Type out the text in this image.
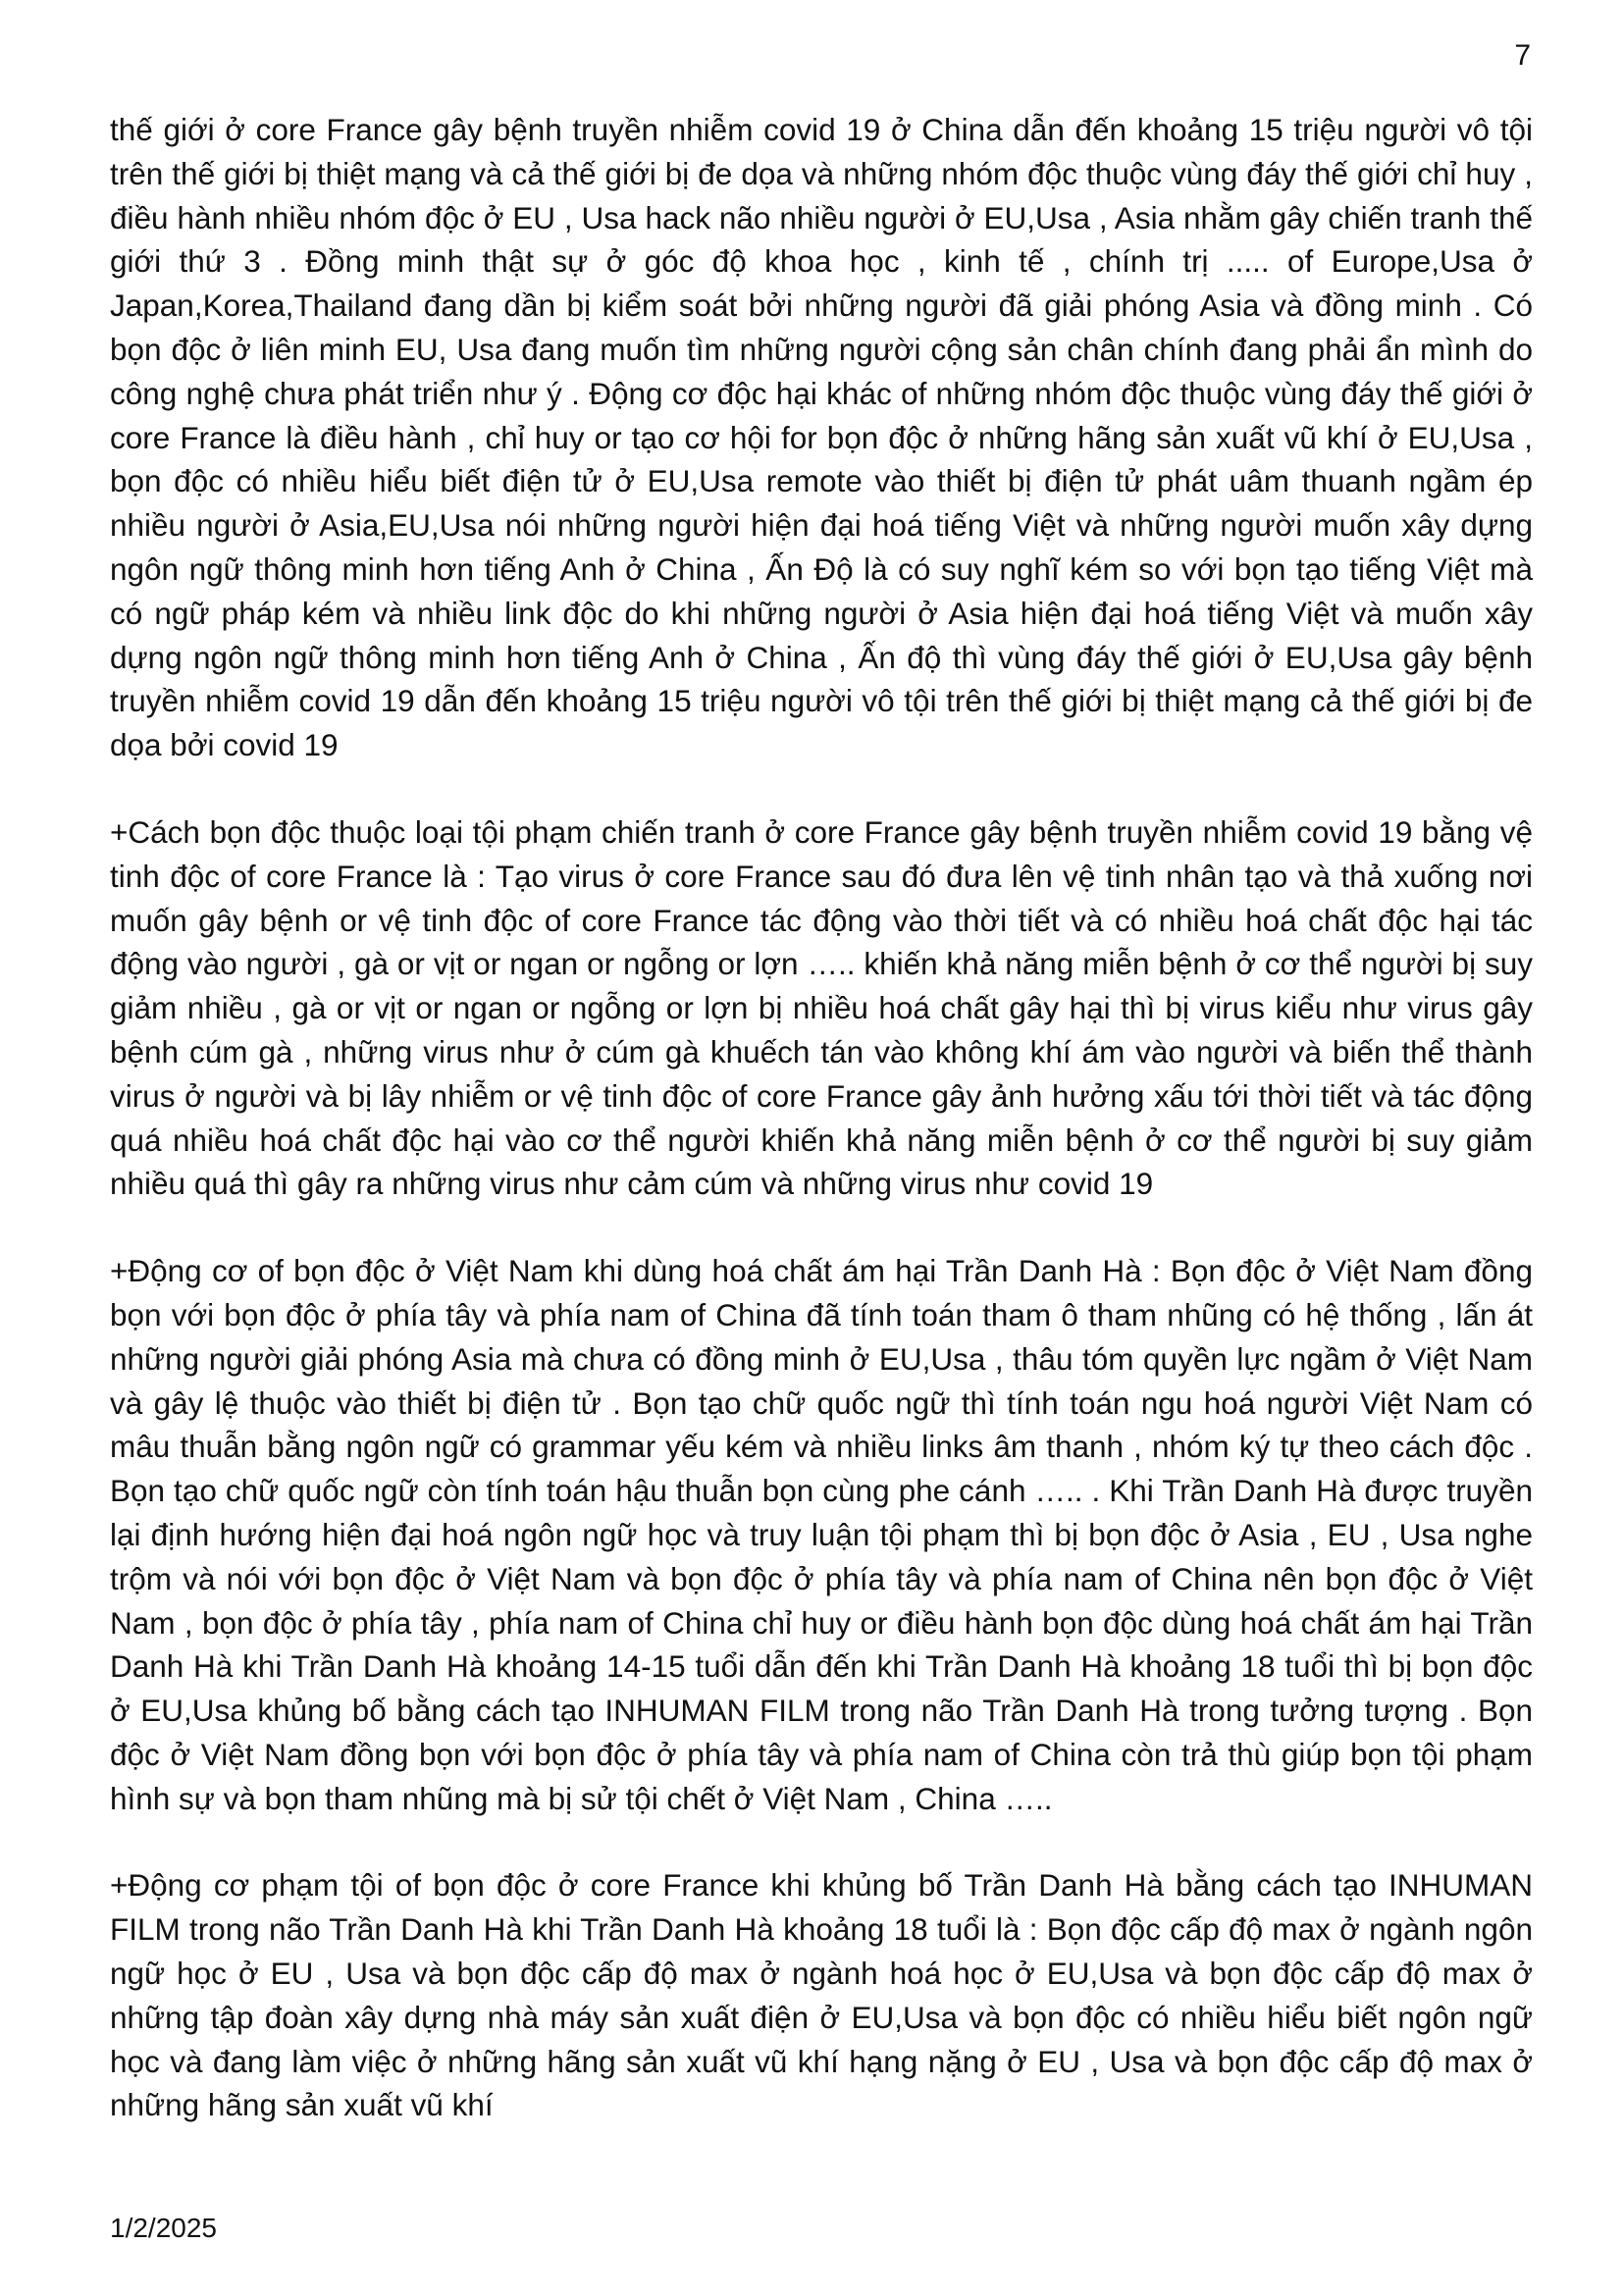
7

thế giới ở core France gây bệnh truyền nhiễm covid 19 ở China dẫn đến khoảng 15 triệu người vô tội trên thế giới bị thiệt mạng và cả thế giới bị đe dọa và những nhóm độc thuộc vùng đáy thế giới chỉ huy , điều hành nhiều nhóm độc ở EU , Usa hack não nhiều người ở EU,Usa , Asia nhằm gây chiến tranh thế giới thứ 3 . Đồng minh thật sự ở góc độ khoa học , kinh tế , chính trị ..... of Europe,Usa ở Japan,Korea,Thailand đang dần bị kiểm soát bởi những người đã giải phóng Asia và đồng minh . Có bọn độc ở liên minh EU, Usa đang muốn tìm những người cộng sản chân chính đang phải ẩn mình do công nghệ chưa phát triển như ý . Động cơ độc hại khác of những nhóm độc thuộc vùng đáy thế giới ở core France là điều hành , chỉ huy or tạo cơ hội for bọn độc ở những hãng sản xuất vũ khí ở EU,Usa , bọn độc có nhiều hiểu biết điện tử ở EU,Usa remote vào thiết bị điện tử phát uâm thuanh ngầm ép nhiều người ở Asia,EU,Usa nói những người hiện đại hoá tiếng Việt và những người muốn xây dựng ngôn ngữ thông minh hơn tiếng Anh ở China , Ấn Độ là có suy nghĩ kém so với bọn tạo tiếng Việt mà có ngữ pháp kém và nhiều link độc do khi những người ở Asia hiện đại hoá tiếng Việt và muốn xây dựng ngôn ngữ thông minh hơn tiếng Anh ở China , Ấn độ thì vùng đáy thế giới ở EU,Usa gây bệnh truyền nhiễm covid 19 dẫn đến khoảng 15 triệu người vô tội trên thế giới bị thiệt mạng cả thế giới bị đe dọa bởi covid 19

+Cách bọn độc thuộc loại tội phạm chiến tranh ở core France gây bệnh truyền nhiễm covid 19 bằng vệ tinh độc of core France là : Tạo virus ở core France sau đó đưa lên vệ tinh nhân tạo và thả xuống nơi muốn gây bệnh or vệ tinh độc of core France tác động vào thời tiết và có nhiều hoá chất độc hại tác động vào người , gà or vịt or ngan or ngỗng or lợn ….. khiến khả năng miễn bệnh ở cơ thể người bị suy giảm nhiều , gà or vịt or ngan or ngỗng or lợn bị nhiều hoá chất gây hại thì bị virus kiểu như virus gây bệnh cúm gà , những virus như ở cúm gà khuếch tán vào không khí ám vào người và biến thể thành virus ở người và bị lây nhiễm or vệ tinh độc of core France gây ảnh hưởng xấu tới thời tiết và tác động quá nhiều hoá chất độc hại vào cơ thể người khiến khả năng miễn bệnh ở cơ thể người bị suy giảm nhiều quá thì gây ra những virus như cảm cúm và những virus như covid 19

+Động cơ of bọn độc ở Việt Nam khi dùng hoá chất ám hại Trần Danh Hà : Bọn độc ở Việt Nam đồng bọn với bọn độc ở phía tây và phía nam of China đã tính toán tham ô tham nhũng có hệ thống , lấn át những người giải phóng Asia mà chưa có đồng minh ở EU,Usa , thâu tóm quyền lực ngầm ở Việt Nam và gây lệ thuộc vào thiết bị điện tử . Bọn tạo chữ quốc ngữ thì tính toán ngu hoá người Việt Nam có mâu thuẫn bằng ngôn ngữ có grammar yếu kém và nhiều links âm thanh , nhóm ký tự theo cách độc . Bọn tạo chữ quốc ngữ còn tính toán hậu thuẫn bọn cùng phe cánh ….. . Khi Trần Danh Hà được truyền lại định hướng hiện đại hoá ngôn ngữ học và truy luận tội phạm thì bị bọn độc ở Asia , EU , Usa nghe trộm và nói với bọn độc ở Việt Nam và bọn độc ở phía tây và phía nam of China nên bọn độc ở Việt Nam , bọn độc ở phía tây , phía nam of China chỉ huy or điều hành bọn độc dùng hoá chất ám hại Trần Danh Hà khi Trần Danh Hà khoảng 14-15 tuổi dẫn đến khi Trần Danh Hà khoảng 18 tuổi thì bị bọn độc ở EU,Usa khủng bố bằng cách tạo INHUMAN FILM trong não Trần Danh Hà trong tưởng tượng . Bọn độc ở Việt Nam đồng bọn với bọn độc ở phía tây và phía nam of China còn trả thù giúp bọn tội phạm hình sự và bọn tham nhũng mà bị sử tội chết ở Việt Nam , China …..

+Động cơ phạm tội of bọn độc ở core France khi khủng bố Trần Danh Hà bằng cách tạo INHUMAN FILM trong não Trần Danh Hà khi Trần Danh Hà khoảng 18 tuổi là : Bọn độc cấp độ max ở ngành ngôn ngữ học ở EU , Usa và bọn độc cấp độ max ở ngành hoá học ở EU,Usa và bọn độc cấp độ max ở những tập đoàn xây dựng nhà máy sản xuất điện ở EU,Usa và bọn độc có nhiều hiểu biết ngôn ngữ học và đang làm việc ở những hãng sản xuất vũ khí hạng nặng ở EU , Usa và bọn độc cấp độ max ở những hãng sản xuất vũ khí

1/2/2025
